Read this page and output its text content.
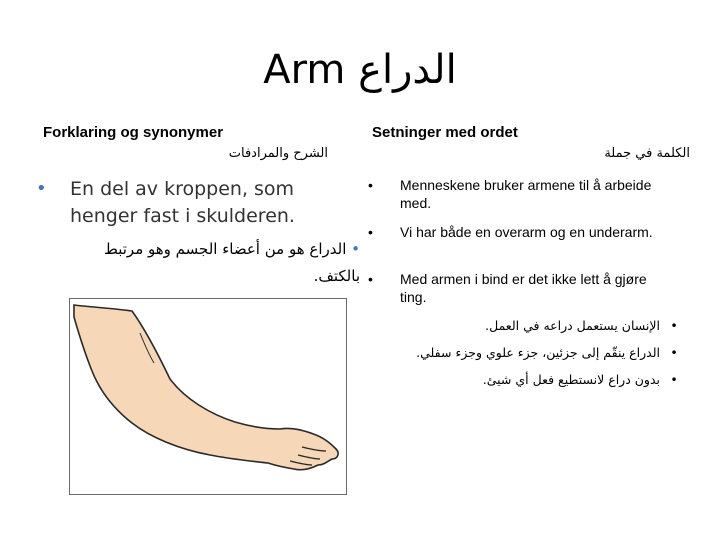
Arm الدراع
Forklaring og synonymer
الشرح والمرادفات
Setninger med ordet
الكلمة في جملة
• En del av kroppen, som henger fast i skulderen.
• الدراع هو من أعضاء الجسم وهو مرتبط بالكتف.
• Menneskene bruker armene til å arbeide med.
• Vi har både en overarm og en underarm.
• Med armen i bind er det ikke lett å gjøre ting.
•الإنسان يستعمل دراعه في العمل.
•الدراع ينقّم إلى جزئين، جزء علوي وجزء سفلي.
•بدون دراع لانستطيع فعل أي شيئ.
